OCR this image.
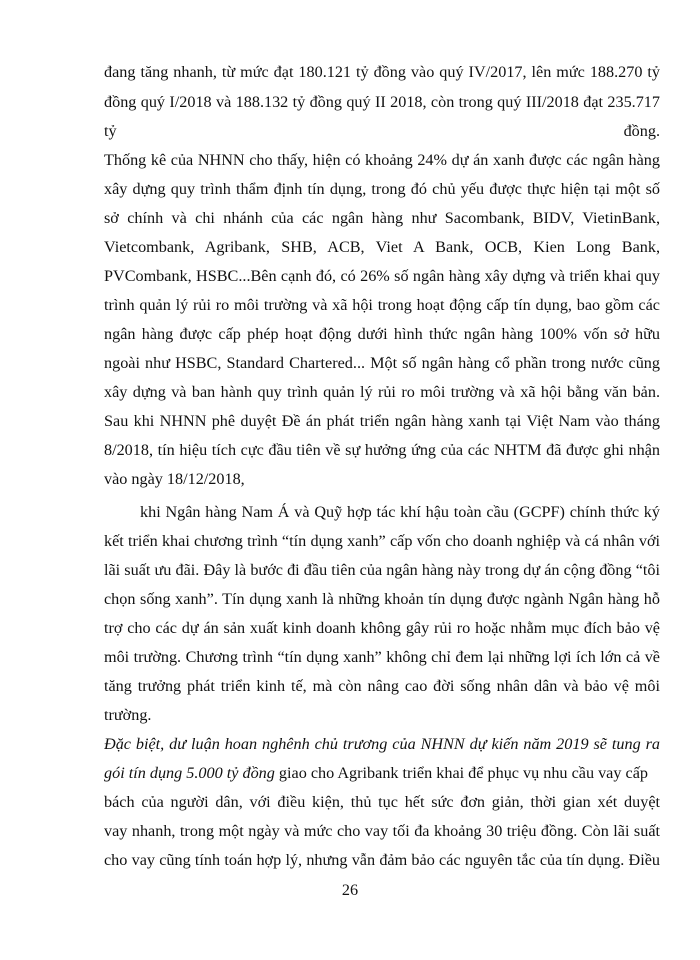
đang tăng nhanh, từ mức đạt 180.121 tỷ đồng vào quý IV/2017, lên mức 188.270 tỷ
đồng quý I/2018 và 188.132 tỷ đồng quý II 2018, còn trong quý III/2018 đạt 235.717
tỷ	đồng.
Thống kê của NHNN cho thấy, hiện có khoảng 24% dự án xanh được các ngân hàng
xây dựng quy trình thẩm định tín dụng, trong đó chủ yếu được thực hiện tại một số
sở chính và chi nhánh của các ngân hàng như Sacombank, BIDV, VietinBank,
Vietcombank, Agribank, SHB, ACB, Viet A Bank, OCB, Kien Long Bank,
PVCombank, HSBC...Bên cạnh đó, có 26% số ngân hàng xây dựng và triển khai quy
trình quản lý rủi ro môi trường và xã hội trong hoạt động cấp tín dụng, bao gồm các
ngân hàng được cấp phép hoạt động dưới hình thức ngân hàng 100% vốn sở hữu
ngoài như HSBC, Standard Chartered... Một số ngân hàng cổ phần trong nước cũng
xây dựng và ban hành quy trình quản lý rủi ro môi trường và xã hội bằng văn bản.
Sau khi NHNN phê duyệt Đề án phát triển ngân hàng xanh tại Việt Nam vào tháng
8/2018, tín hiệu tích cực đầu tiên về sự hưởng ứng của các NHTM đã được ghi nhận
vào ngày 18/12/2018,
khi Ngân hàng Nam Á và Quỹ hợp tác khí hậu toàn cầu (GCPF) chính thức ký
kết triển khai chương trình “tín dụng xanh” cấp vốn cho doanh nghiệp và cá nhân với
lãi suất ưu đãi. Đây là bước đi đầu tiên của ngân hàng này trong dự án cộng đồng “tôi
chọn sống xanh”. Tín dụng xanh là những khoản tín dụng được ngành Ngân hàng hỗ
trợ cho các dự án sản xuất kinh doanh không gây rủi ro hoặc nhằm mục đích bảo vệ
môi trường. Chương trình “tín dụng xanh” không chỉ đem lại những lợi ích lớn cả về
tăng trưởng phát triển kinh tế, mà còn nâng cao đời sống nhân dân và bảo vệ môi
trường.
Đặc biệt, dư luận hoan nghênh chủ trương của NHNN dự kiến năm 2019 sẽ tung ra
gói tín dụng 5.000 tỷ đồng giao cho Agribank triển khai để phục vụ nhu cầu vay cấp
bách của người dân, với điều kiện, thủ tục hết sức đơn giản, thời gian xét duyệt
vay nhanh, trong một ngày và mức cho vay tối đa khoảng 30 triệu đồng. Còn lãi suất
cho vay cũng tính toán hợp lý, nhưng vẫn đảm bảo các nguyên tắc của tín dụng. Điều
26
